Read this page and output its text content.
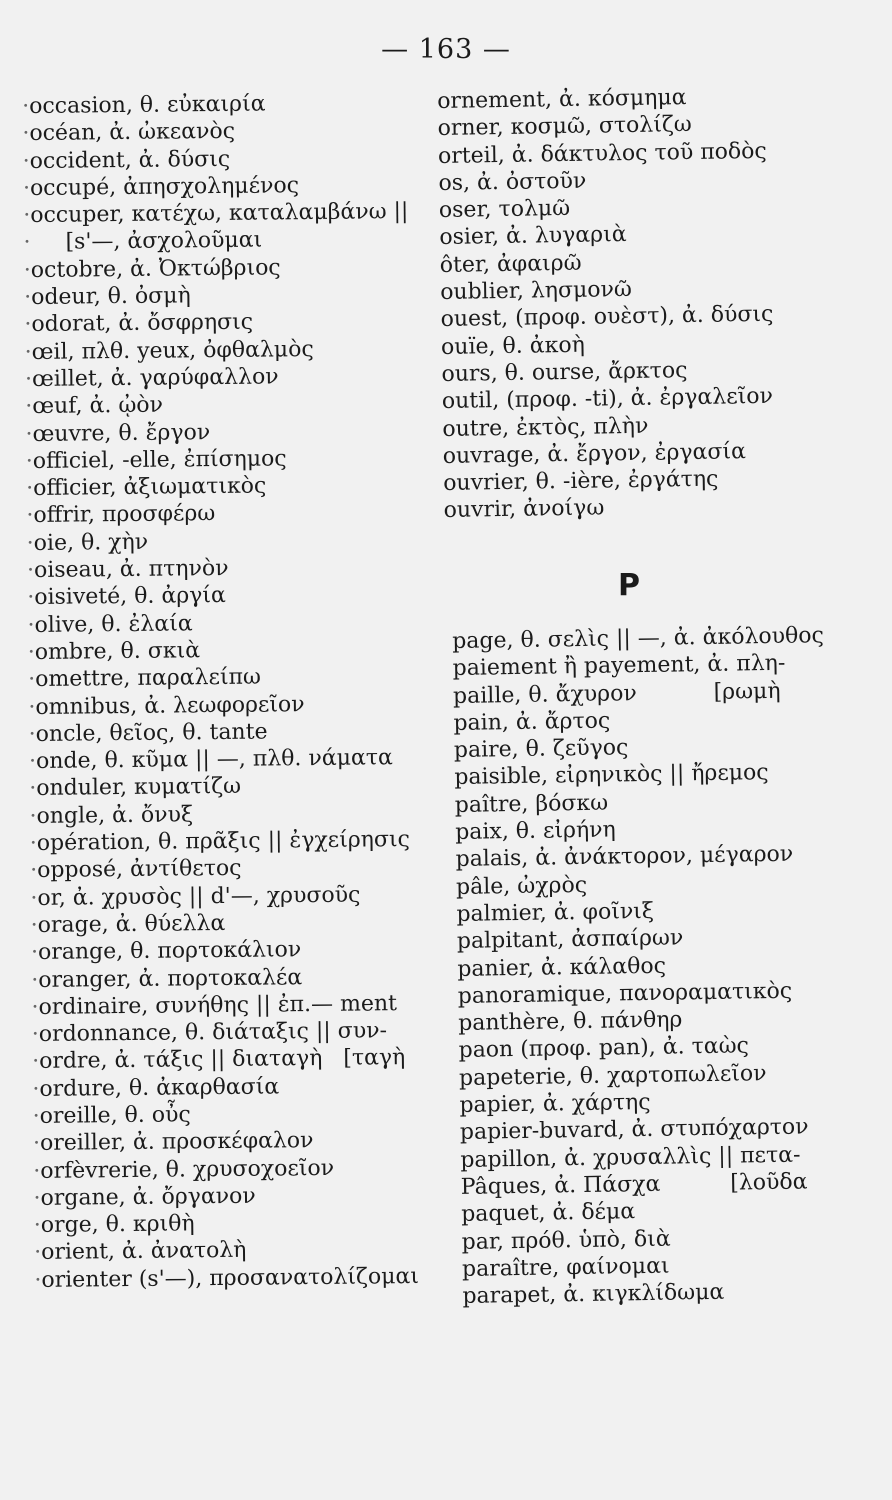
— 163 —
· occasion, θ. εὐκαιρία
· océan, ἀ. ὠκεανὸς
· occident, ἀ. δύσις
· occupé, ἀπησχολημένος
· occuper, κατέχω, καταλαμβάνω ||
·      [s'—, ἀσχολοῦμαι
· octobre, ἀ. Ὀκτώβριος
· odeur, θ. ὀσμὴ
· odorat, ἀ. ὄσφρησις
· œil, πλθ. yeux, ὀφθαλμὸς
· œillet, ἀ. γαρύφαλλον
· œuf, ἀ. ᾠὸν
· œuvre, θ. ἔργον
· officiel, -elle, ἐπίσημος
· officier, ἀξιωματικὸς
· offrir, προσφέρω
· oie, θ. χὴν
· oiseau, ἀ. πτηνὸν
· oisiveté, θ. ἀργία
· olive, θ. ἐλαία
· ombre, θ. σκιὰ
· omettre, παραλείπω
· omnibus, ἀ. λεωφορεῖον
· oncle, θεῖος, θ. tante
· onde, θ. κῦμα || —, πλθ. νάματα
· onduler, κυματίζω
· ongle, ἀ. ὄνυξ
· opération, θ. πρᾶξις || ἐγχείρησις
· opposé, ἀντίθετος
· or, ἀ. χρυσὸς || d'—, χρυσοῦς
· orage, ἀ. θύελλα
· orange, θ. πορτοκάλιον
· oranger, ἀ. πορτοκαλέα
· ordinaire, συνήθης || ἐπ.— ment
· ordonnance, θ. διάταξις || συν-
· ordre, ἀ. τάξις || διαταγὴ   [ταγὴ
· ordure, θ. ἀκαρθασία
· oreille, θ. οὖς
· oreiller, ἀ. προσκέφαλον
· orfèvrerie, θ. χρυσοχοεῖον
· organe, ἀ. ὄργανον
· orge, θ. κριθὴ
· orient, ἀ. ἀνατολὴ
· orienter (s'—), προσανατολίζομαι
ornement, ἀ. κόσμημα
orner, κοσμῶ, στολίζω
orteil, ἀ. δάκτυλος τοῦ ποδὸς
os, ἀ. ὀστοῦν
oser, τολμῶ
osier, ἀ. λυγαριὰ
ôter, ἀφαιρῶ
oublier, λησμονῶ
ouest, (προφ. ουὲστ), ἀ. δύσις
ouïe, θ. ἀκοὴ
ours, θ. ourse, ἄρκτος
outil, (προφ. -ti), ἀ. ἐργαλεῖον
outre, ἐκτὸς, πλὴν
ouvrage, ἀ. ἔργον, ἐργασία
ouvrier, θ. -ière, ἐργάτης
ouvrir, ἀνοίγω
P
page, θ. σελὶς || —, ἀ. ἀκόλουθος
paiement ἢ payement, ἀ. πλη-
paille, θ. ἄχυρον           [ρωμὴ
pain, ἀ. ἄρτος
paire, θ. ζεῦγος
paisible, εἰρηνικὸς || ἤρεμος
paître, βόσκω
paix, θ. εἰρήνη
palais, ἀ. ἀνάκτορον, μέγαρον
pâle, ὠχρὸς
palmier, ἀ. φοῖνιξ
palpitant, ἀσπαίρων
panier, ἀ. κάλαθος
panoramique, πανοραματικὸς
panthère, θ. πάνθηρ
paon (προφ. pan), ἀ. ταὼς
papeterie, θ. χαρτοπωλεῖον
papier, ἀ. χάρτης
papier-buvard, ἀ. στυπόχαρτον
papillon, ἀ. χρυσαλλὶς || πετα-
Pâques, ἀ. Πάσχα          [λοῦδα
paquet, ἀ. δέμα
par, πρόθ. ὑπὸ, διὰ
paraître, φαίνομαι
parapet, ἀ. κιγκλίδωμα
